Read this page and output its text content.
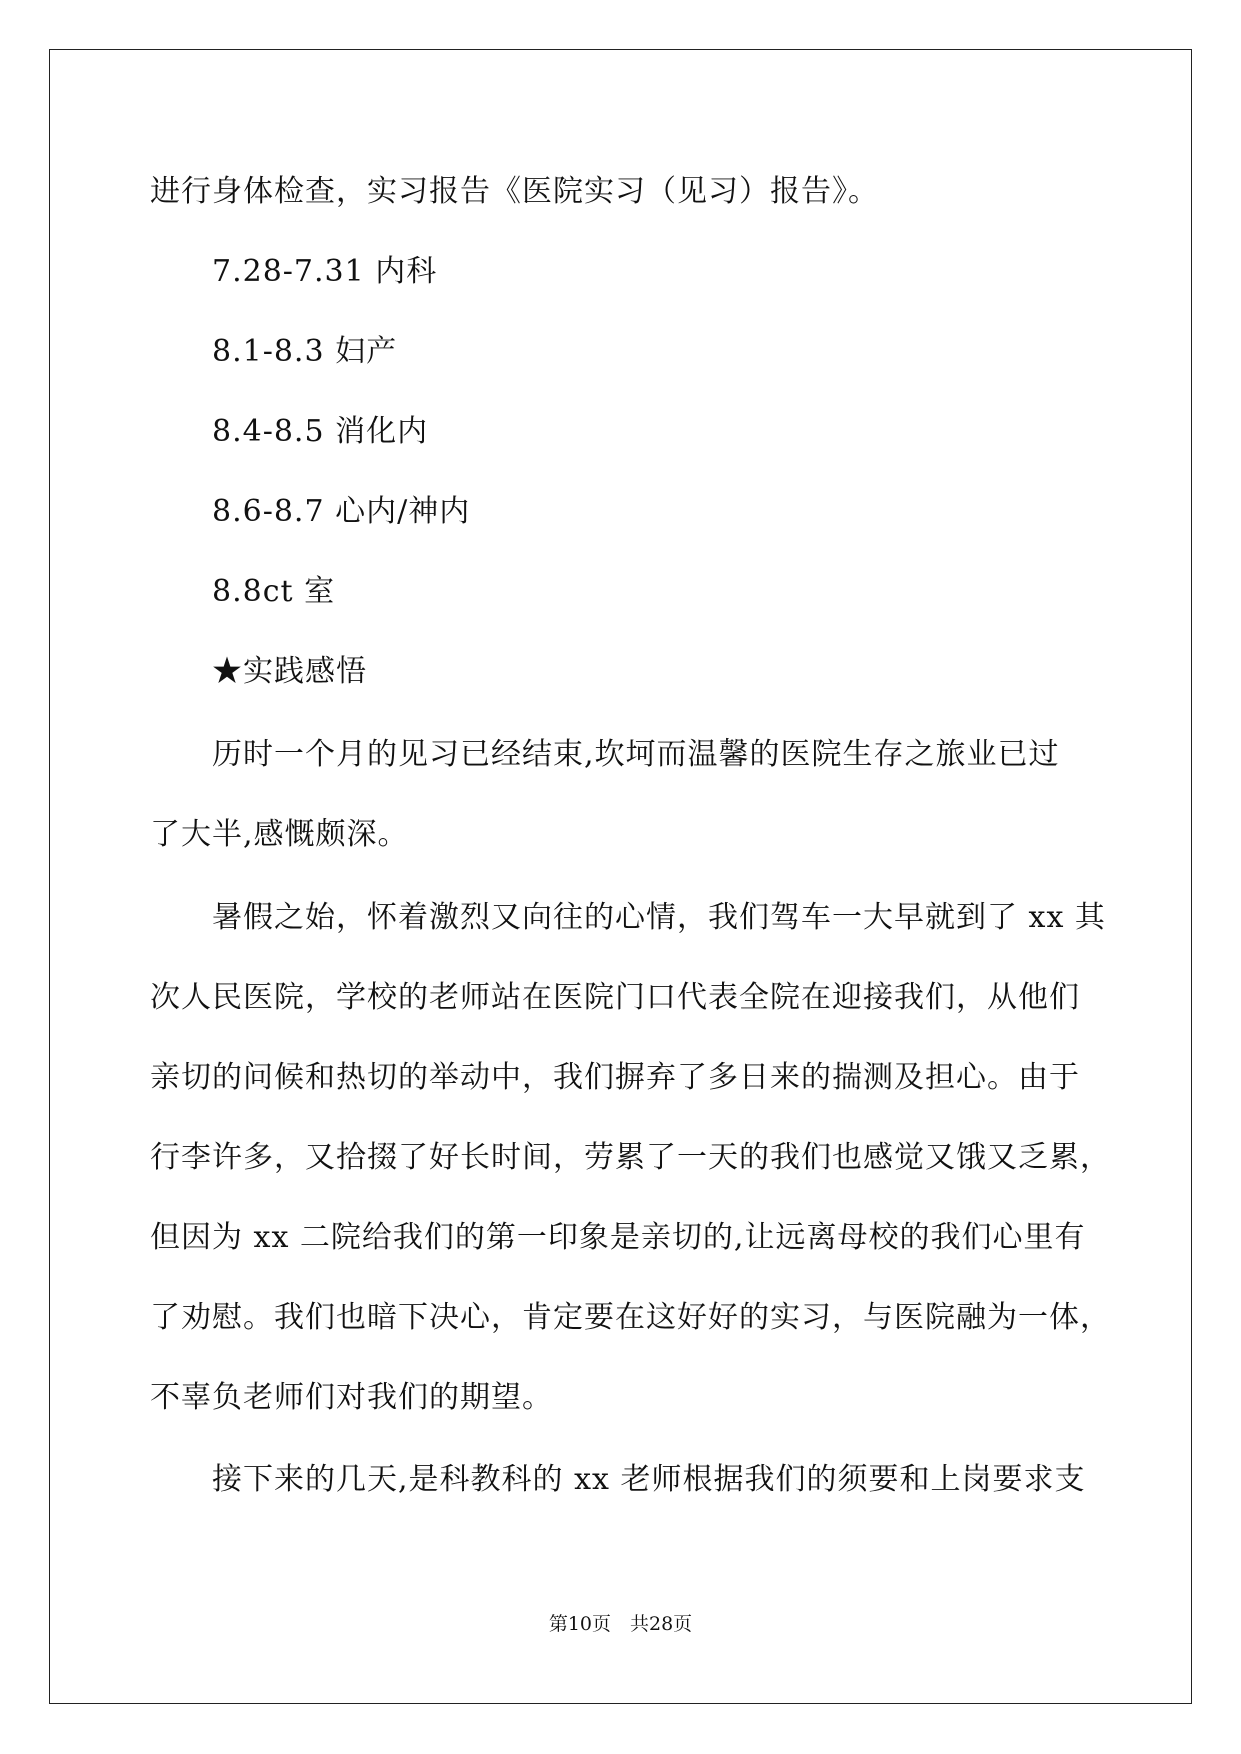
进行身体检查，实习报告《医院实习（见习）报告》。
7.28-7.31 内科
8.1-8.3 妇产
8.4-8.5 消化内
8.6-8.7 心内/神内
8.8ct 室
★实践感悟
历时一个月的见习已经结束,坎坷而温馨的医院生存之旅业已过
了大半,感慨颇深。
暑假之始，怀着激烈又向往的心情，我们驾车一大早就到了 xx 其
次人民医院，学校的老师站在医院门口代表全院在迎接我们，从他们
亲切的问候和热切的举动中，我们摒弃了多日来的揣测及担心。由于
行李许多，又拾掇了好长时间，劳累了一天的我们也感觉又饿又乏累，
但因为 xx 二院给我们的第一印象是亲切的,让远离母校的我们心里有
了劝慰。我们也暗下决心，肯定要在这好好的实习，与医院融为一体，
不辜负老师们对我们的期望。
接下来的几天,是科教科的 xx 老师根据我们的须要和上岗要求支
第10页　共28页
